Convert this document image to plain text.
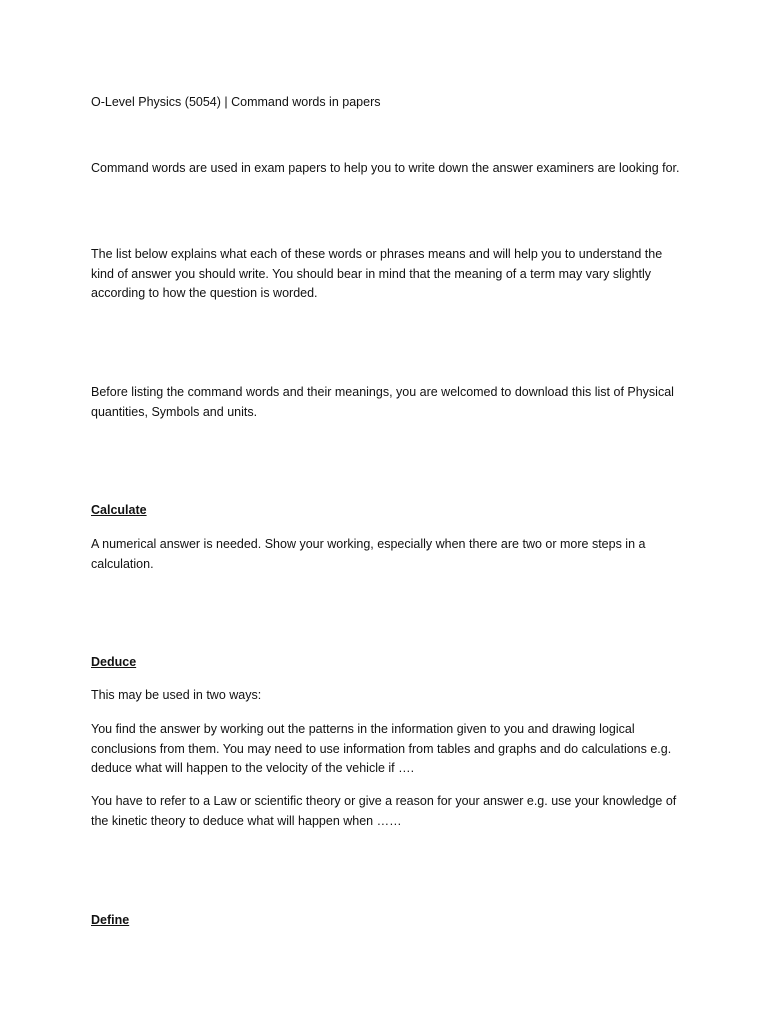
O-Level Physics (5054) | Command words in papers

Command words are used in exam papers to help you to write down the answer examiners are looking for.

The list below explains what each of these words or phrases means and will help you to understand the kind of answer you should write. You should bear in mind that the meaning of a term may vary slightly according to how the question is worded.

Before listing the command words and their meanings, you are welcomed to download this list of Physical quantities, Symbols and units.

Calculate

A numerical answer is needed. Show your working, especially when there are two or more steps in a calculation.

Deduce

This may be used in two ways:

You find the answer by working out the patterns in the information given to you and drawing logical conclusions from them. You may need to use information from tables and graphs and do calculations e.g. deduce what will happen to the velocity of the vehicle if ….

You have to refer to a Law or scientific theory or give a reason for your answer e.g. use your knowledge of the kinetic theory to deduce what will happen when ……

Define
